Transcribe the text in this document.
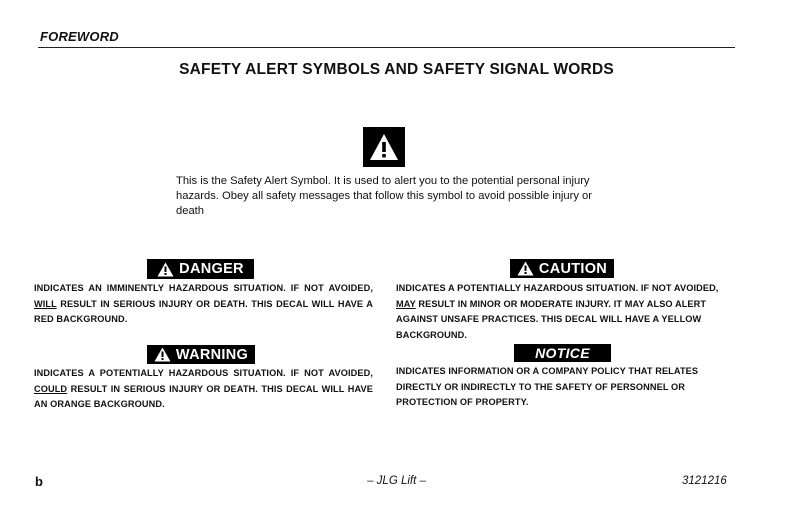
FOREWORD
SAFETY ALERT SYMBOLS AND SAFETY SIGNAL WORDS
This is the Safety Alert Symbol. It is used to alert you to the potential personal injury hazards. Obey all safety messages that follow this symbol to avoid possible injury or death
DANGER
INDICATES AN IMMINENTLY HAZARDOUS SITUATION. IF NOT AVOIDED, WILL RESULT IN SERIOUS INJURY OR DEATH. THIS DECAL WILL HAVE A RED BACKGROUND.
CAUTION
INDICATES A POTENTIALLY HAZARDOUS SITUATION. IF NOT AVOIDED, MAY RESULT IN MINOR OR MODERATE INJURY. IT MAY ALSO ALERT AGAINST UNSAFE PRACTICES. THIS DECAL WILL HAVE A YELLOW BACKGROUND.
WARNING
INDICATES A POTENTIALLY HAZARDOUS SITUATION. IF NOT AVOIDED, COULD RESULT IN SERIOUS INJURY OR DEATH. THIS DECAL WILL HAVE AN ORANGE BACKGROUND.
NOTICE
INDICATES INFORMATION OR A COMPANY POLICY THAT RELATES DIRECTLY OR INDIRECTLY TO THE SAFETY OF PERSONNEL OR PROTECTION OF PROPERTY.
b	– JLG Lift –	3121216
